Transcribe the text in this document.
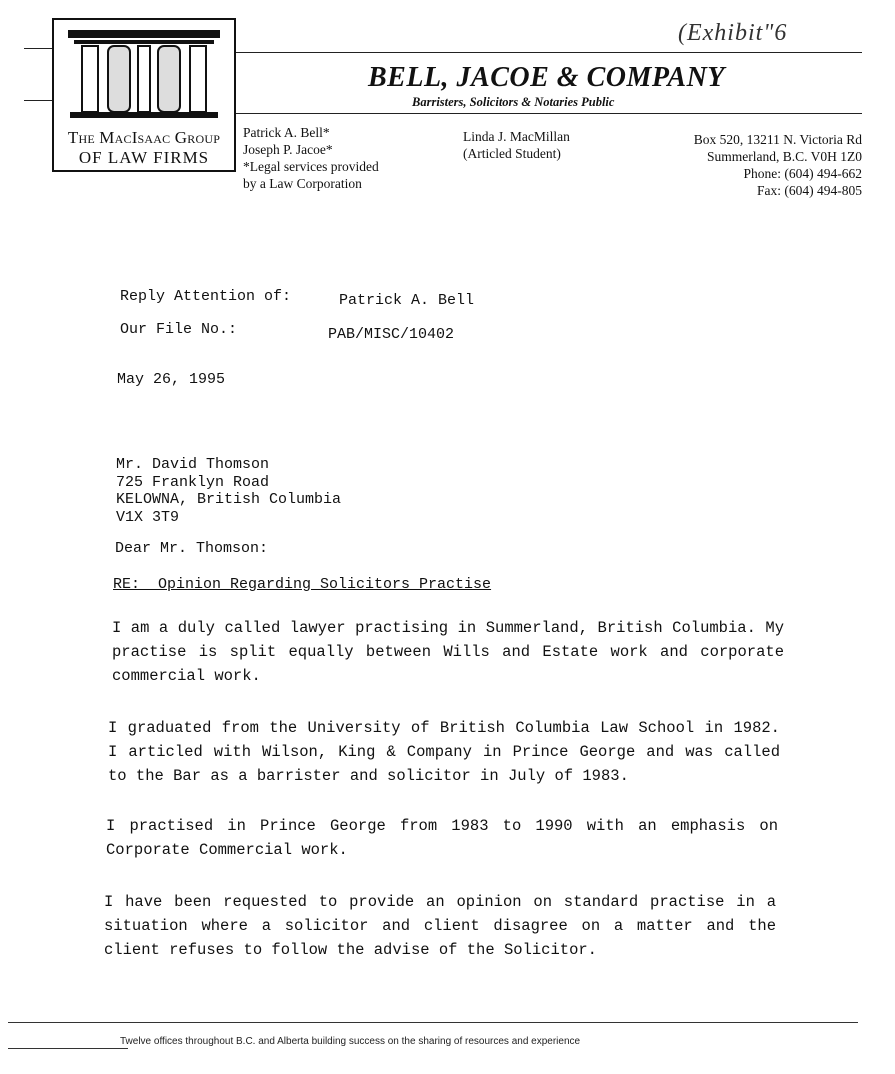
The MacIsaac Group
OF LAW FIRMS
(Exhibit"6
BELL, JACOE & COMPANY
Barristers, Solicitors & Notaries Public
Patrick A. Bell*
Joseph P. Jacoe*
*Legal services provided
by a Law Corporation
Linda J. MacMillan
(Articled Student)
Box 520, 13211 N. Victoria Rd
Summerland, B.C. V0H 1Z0
Phone: (604) 494-662
Fax: (604) 494-805
Reply Attention of:	Patrick A. Bell
Our File No.:	PAB/MISC/10402
May 26, 1995
Mr. David Thomson
725 Franklyn Road
KELOWNA, British Columbia
V1X 3T9
Dear Mr. Thomson:
RE:  Opinion Regarding Solicitors Practise
I am a duly called lawyer practising in Summerland, British Columbia. My practise is split equally between Wills and Estate work and corporate commercial work.
I graduated from the University of British Columbia Law School in 1982. I articled with Wilson, King & Company in Prince George and was called to the Bar as a barrister and solicitor in July of 1983.
I practised in Prince George from 1983 to 1990 with an emphasis on Corporate Commercial work.
I have been requested to provide an opinion on standard practise in a situation where a solicitor and client disagree on a matter and the client refuses to follow the advise of the Solicitor.
Twelve offices throughout B.C. and Alberta building success on the sharing of resources and experience
